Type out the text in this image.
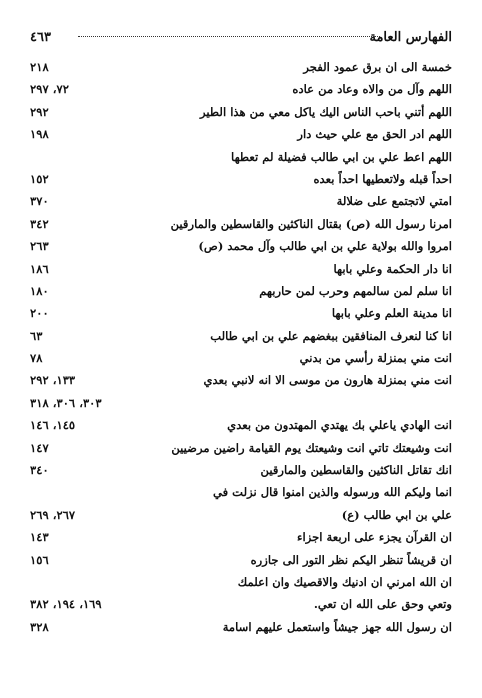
الفهارس العامة
٤٦٣
خمسة الى ان برق عمود الفجر
٢١٨
اللهم وآل من والاه وعاد من عاده
٧٢، ٢٩٧
اللهم أتني باحب الناس اليك ياكل معي من هذا الطير
٢٩٢
اللهم ادر الحق مع علي حيث دار
١٩٨
اللهم اعط علي بن ابي طالب فضيلة لم تعطها
احداً قبله ولاتعطيها احداً بعده
١٥٢
امتي لاتجتمع على ضلالة
٣٧٠
امرنا رسول الله (ص) بقتال الناكثين والقاسطين والمارقين
٣٤٢
امروا والله بولاية علي بن ابي طالب وآل محمد (ص)
٢٦٣
انا دار الحكمة وعلي بابها
١٨٦
انا سلم لمن سالمهم وحرب لمن حاربهم
١٨٠
انا مدينة العلم وعلي بابها
٢٠٠
انا كنا لنعرف المنافقين ببغضهم علي بن ابي طالب
٦٣
انت مني بمنزلة رأسي من بدني
٧٨
انت مني بمنزلة هارون من موسى الا انه لانبي بعدي
١٣٣، ٢٩٢
٣٠٣، ٣٠٦، ٣١٨
انت الهادي ياعلي بك يهتدي المهتدون من بعدي
١٤٥، ١٤٦
انت وشيعتك تاتي انت وشيعتك يوم القيامة راضين مرضيين
١٤٧
انك تقاتل الناكثين والقاسطين والمارقين
٣٤٠
انما وليكم الله ورسوله والذين امنوا قال نزلت في
علي بن ابي طالب (ع)
٢٦٧، ٢٦٩
ان القرآن يجزء على اربعة اجزاء
١٤٣
ان قريشاً تنظر اليكم نظر التور الى جازره
١٥٦
ان الله امرني ان ادنيك والاقصيك وان اعلمك
وتعي وحق على الله ان تعي.
١٦٩، ١٩٤، ٣٨٢
ان رسول الله جهز جيشاً واستعمل عليهم اسامة
٣٢٨
